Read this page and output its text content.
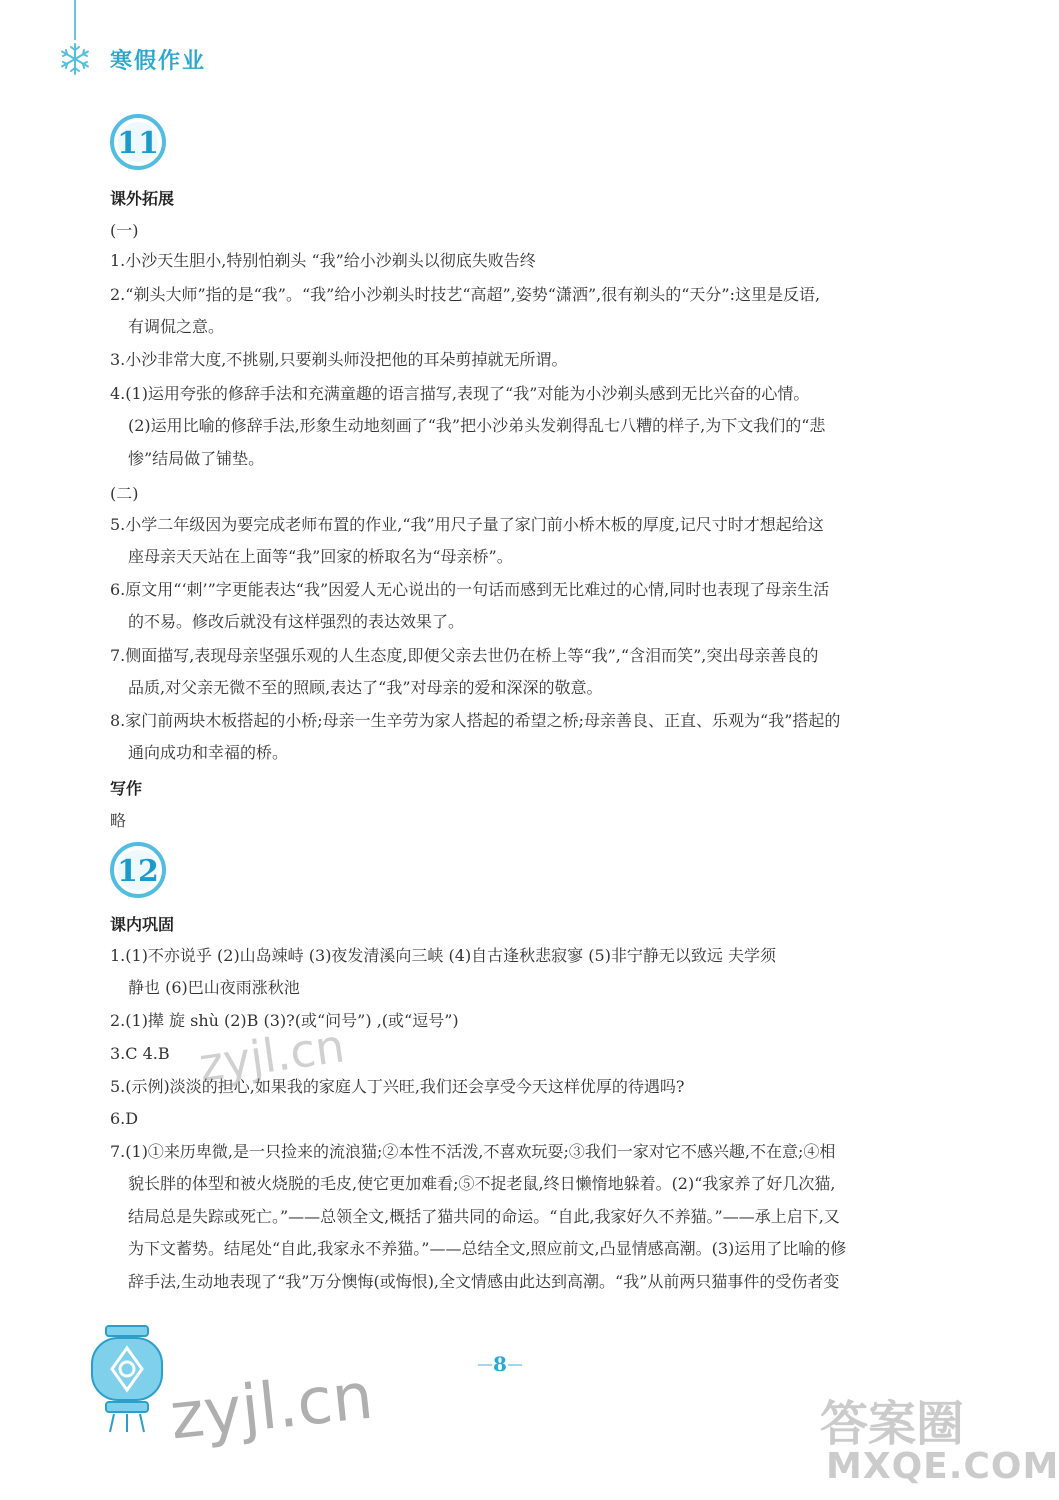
寒假作业
11
课外拓展
(一)
1.小沙天生胆小,特别怕剃头 “我”给小沙剃头以彻底失败告终
2.“剃头大师”指的是“我”。“我”给小沙剃头时技艺“高超”,姿势“潇洒”,很有剃头的“天分”:这里是反语,
有调侃之意。
3.小沙非常大度,不挑剔,只要剃头师没把他的耳朵剪掉就无所谓。
4.(1)运用夸张的修辞手法和充满童趣的语言描写,表现了“我”对能为小沙剃头感到无比兴奋的心情。
(2)运用比喻的修辞手法,形象生动地刻画了“我”把小沙弟头发剃得乱七八糟的样子,为下文我们的“悲
惨”结局做了铺垫。
(二)
5.小学二年级因为要完成老师布置的作业,“我”用尺子量了家门前小桥木板的厚度,记尺寸时才想起给这
座母亲天天站在上面等“我”回家的桥取名为“母亲桥”。
6.原文用“‘刺’”字更能表达“我”因爱人无心说出的一句话而感到无比难过的心情,同时也表现了母亲生活
的不易。修改后就没有这样强烈的表达效果了。
7.侧面描写,表现母亲坚强乐观的人生态度,即便父亲去世仍在桥上等“我”,“含泪而笑”,突出母亲善良的
品质,对父亲无微不至的照顾,表达了“我”对母亲的爱和深深的敬意。
8.家门前两块木板搭起的小桥;母亲一生辛劳为家人搭起的希望之桥;母亲善良、正直、乐观为“我”搭起的
通向成功和幸福的桥。
写作
略
12
课内巩固
1.(1)不亦说乎 (2)山岛竦峙 (3)夜发清溪向三峡 (4)自古逢秋悲寂寥 (5)非宁静无以致远 夫学须
静也 (6)巴山夜雨涨秋池
2.(1)撵 旋 shù (2)B (3)?(或“问号”) ,(或“逗号”)
3.C 4.B
5.(示例)淡淡的担心,如果我的家庭人丁兴旺,我们还会享受今天这样优厚的待遇吗?
6.D
7.(1)①来历卑微,是一只捡来的流浪猫;②本性不活泼,不喜欢玩耍;③我们一家对它不感兴趣,不在意;④相
貌长胖的体型和被火烧脱的毛皮,使它更加难看;⑤不捉老鼠,终日懒惰地躲着。(2)“我家养了好几次猫,
结局总是失踪或死亡。”——总领全文,概括了猫共同的命运。“自此,我家好久不养猫。”——承上启下,又
为下文蓄势。结尾处“自此,我家永不养猫。”——总结全文,照应前文,凸显情感高潮。(3)运用了比喻的修
辞手法,生动地表现了“我”万分懊悔(或悔恨),全文情感由此达到高潮。“我”从前两只猫事件的受伤者变
zyjl.cn
zyjl.cn	8
答案圈
MXQE.COM
